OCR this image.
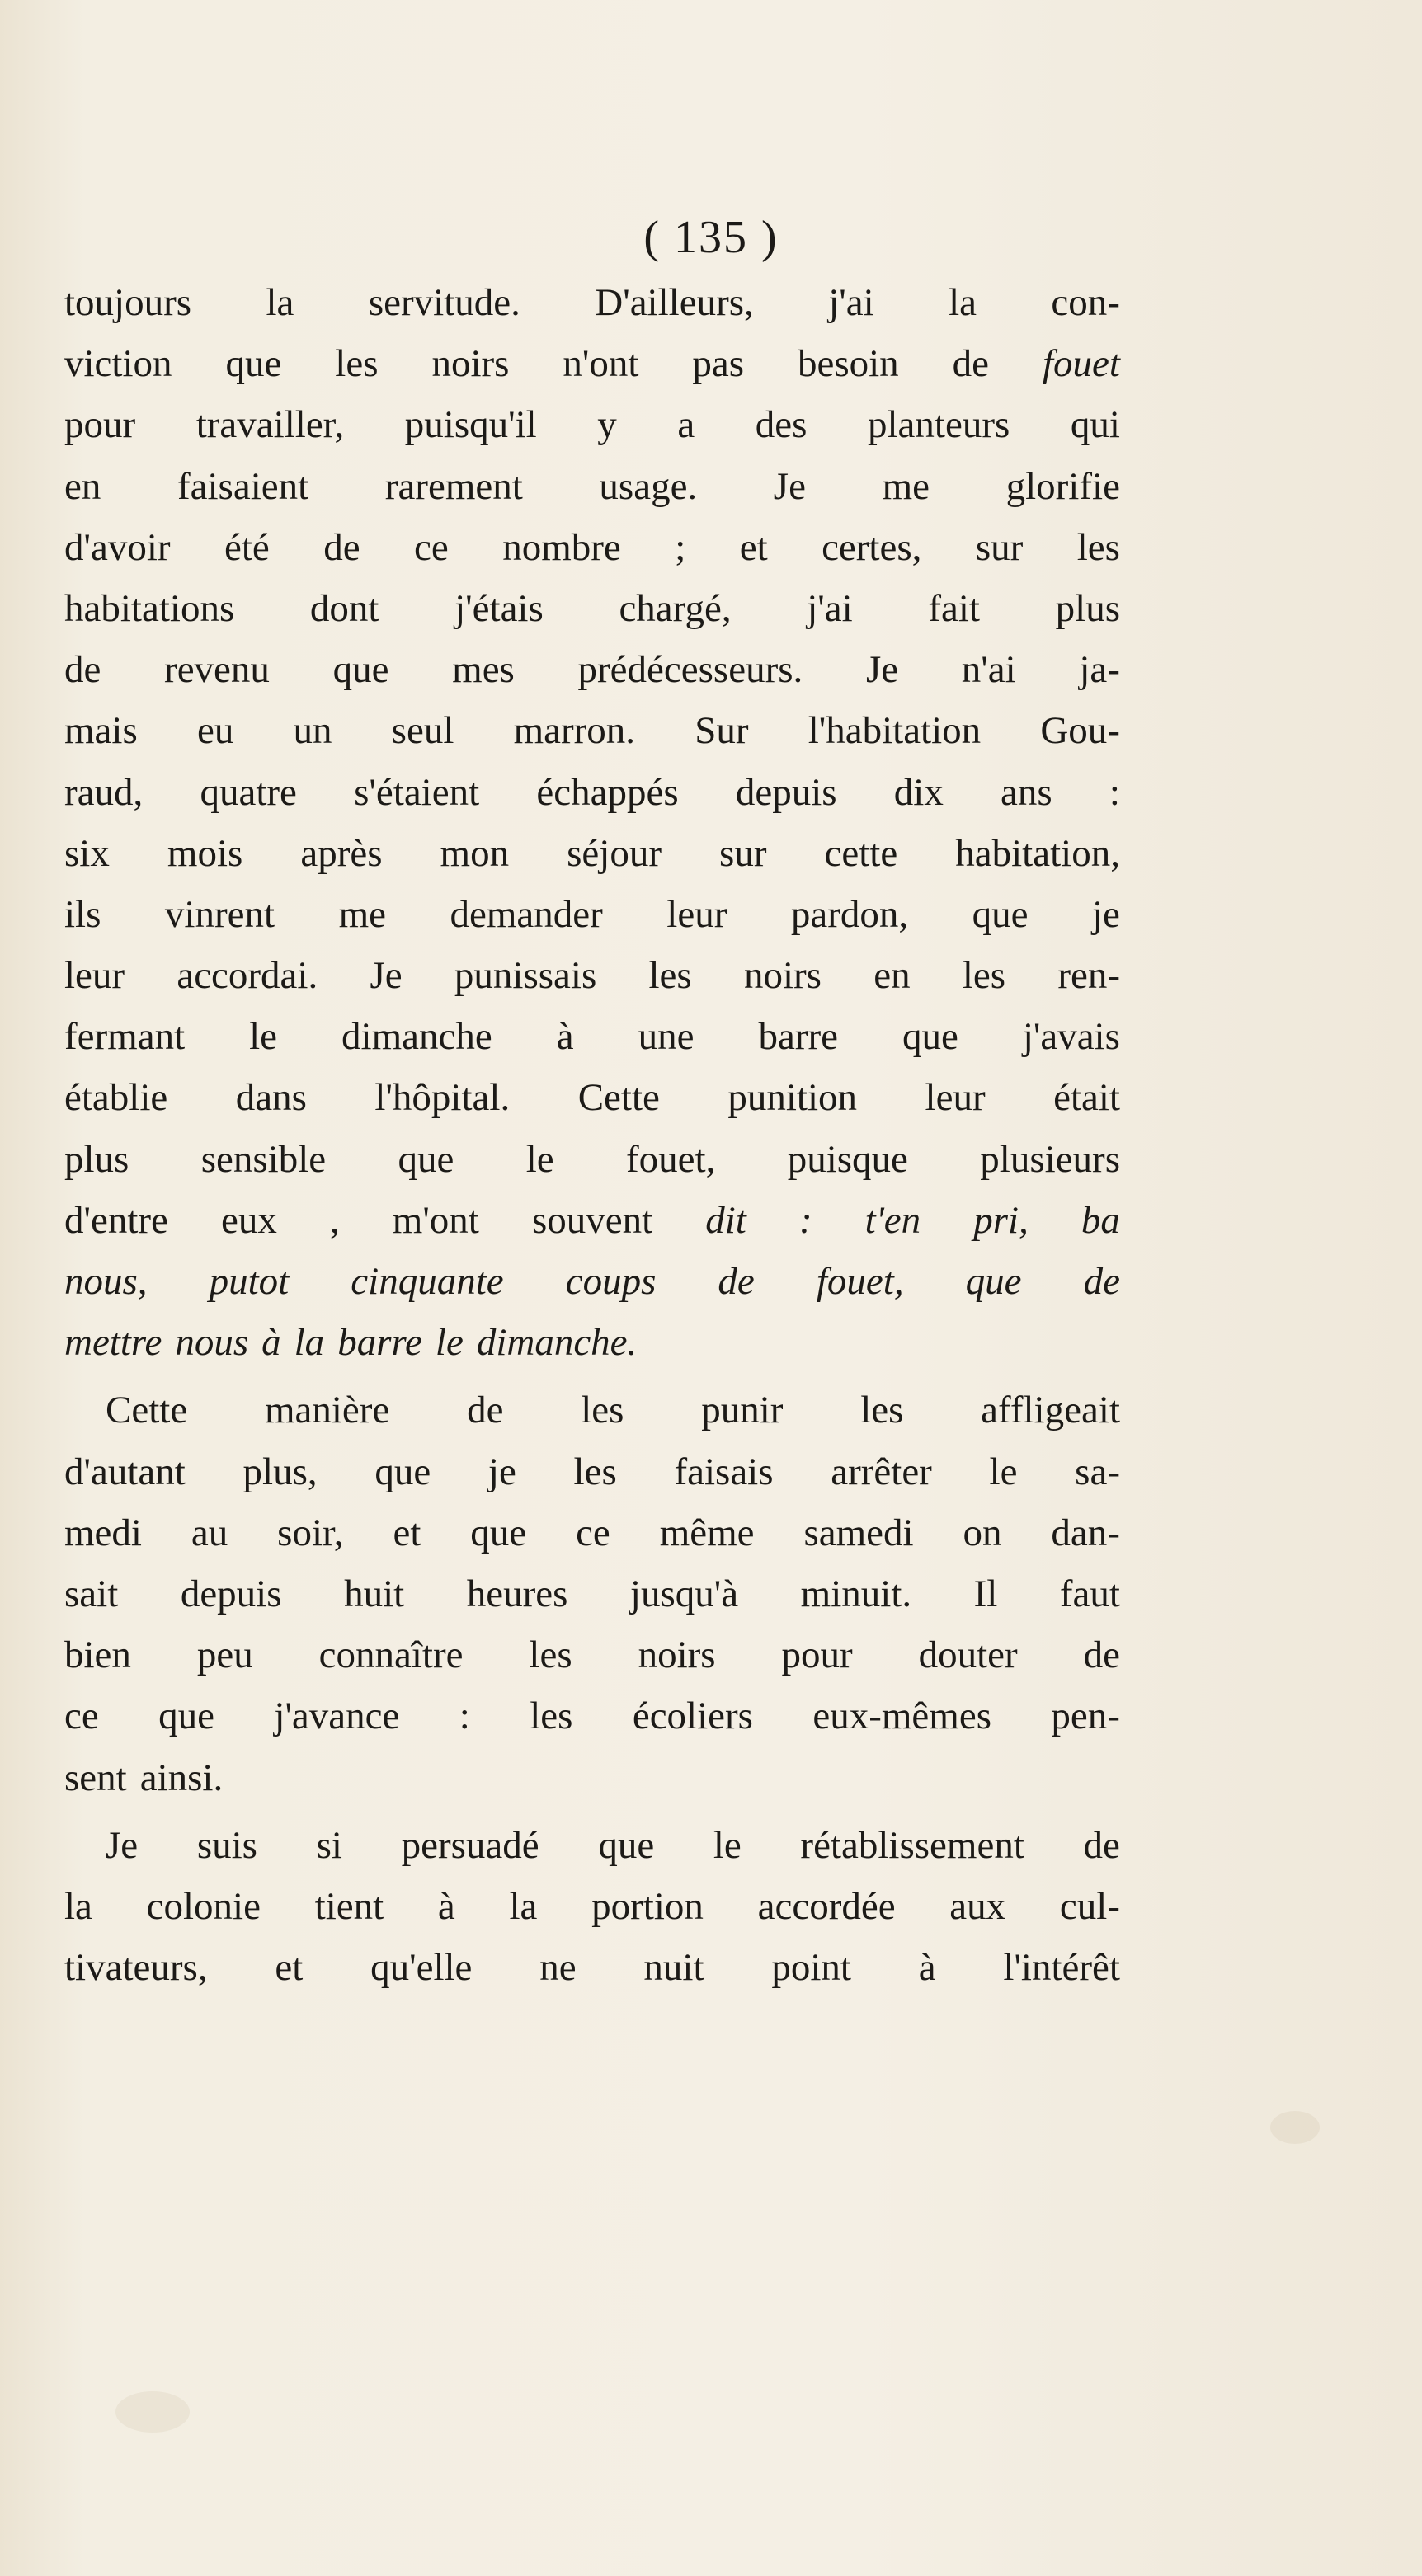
( 135 )
toujours la servitude. D'ailleurs, j'ai la con-
viction que les noirs n'ont pas besoin de fouet
pour travailler, puisqu'il y a des planteurs qui
en faisaient rarement usage. Je me glorifie
d'avoir été de ce nombre ; et certes, sur les
habitations dont j'étais chargé, j'ai fait plus
de revenu que mes prédécesseurs. Je n'ai ja-
mais eu un seul marron. Sur l'habitation Gou-
raud, quatre s'étaient échappés depuis dix ans :
six mois après mon séjour sur cette habitation,
ils vinrent me demander leur pardon, que je
leur accordai. Je punissais les noirs en les ren-
fermant le dimanche à une barre que j'avais
établie dans l'hôpital. Cette punition leur était
plus sensible que le fouet, puisque plusieurs
d'entre eux , m'ont souvent dit : t'en pri, ba
nous, putot cinquante coups de fouet, que de
mettre nous à la barre le dimanche.
Cette manière de les punir les affligeait
d'autant plus, que je les faisais arrêter le sa-
medi au soir, et que ce même samedi on dan-
sait depuis huit heures jusqu'à minuit. Il faut
bien peu connaître les noirs pour douter de
ce que j'avance : les écoliers eux-mêmes pen-
sent ainsi.
Je suis si persuadé que le rétablissement de
la colonie tient à la portion accordée aux cul-
tivateurs, et qu'elle ne nuit point à l'intérêt
